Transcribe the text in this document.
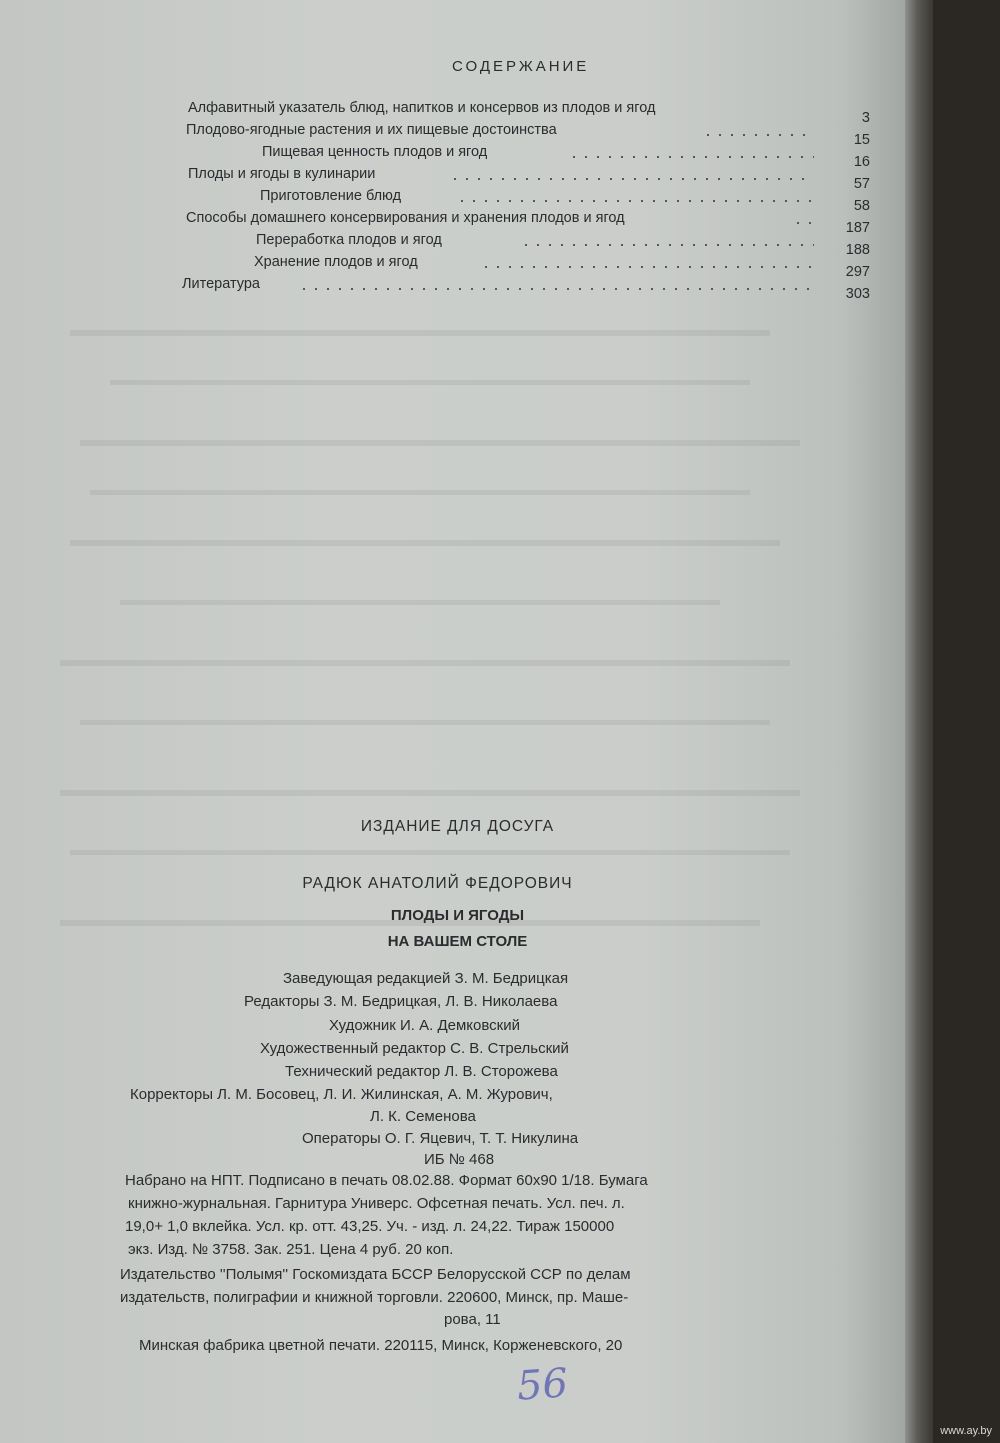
СОДЕРЖАНИЕ
Алфавитный указатель блюд, напитков и консервов из плодов и ягод
3
Плодово-ягодные растения и их пищевые достоинства
15
Пищевая ценность плодов и ягод
16
Плоды и ягоды в кулинарии
57
Приготовление блюд
58
Способы домашнего консервирования и хранения плодов и ягод
187
Переработка плодов и ягод
188
Хранение плодов и ягод
297
Литература
303
ИЗДАНИЕ ДЛЯ ДОСУГА
РАДЮК АНАТОЛИЙ ФЕДОРОВИЧ
ПЛОДЫ И ЯГОДЫ
НА ВАШЕМ СТОЛЕ
Заведующая редакцией З. М. Бедрицкая
Редакторы З. М. Бедрицкая, Л. В. Николаева
Художник И. А. Демковский
Художественный редактор С. В. Стрельский
Технический редактор Л. В. Сторожева
Корректоры Л. М. Босовец, Л. И. Жилинская, А. М. Журович,
Л. К. Семенова
Операторы О. Г. Яцевич, Т. Т. Никулина
ИБ № 468
Набрано на НПТ. Подписано в печать 08.02.88. Формат 60х90 1/18. Бумага
книжно-журнальная. Гарнитура Универс. Офсетная печать. Усл. печ. л.
19,0+ 1,0 вклейка. Усл. кр. отт. 43,25. Уч. - изд. л. 24,22. Тираж 150000
экз. Изд. № 3758. Зак. 251. Цена 4 руб. 20 коп.
Издательство ''Полымя'' Госкомиздата БССР Белорусской ССР по делам
издательств, полиграфии и книжной торговли. 220600, Минск, пр. Маше-
рова, 11
Минская фабрика цветной печати. 220115, Минск, Корженевского, 20
56
www.ay.by
